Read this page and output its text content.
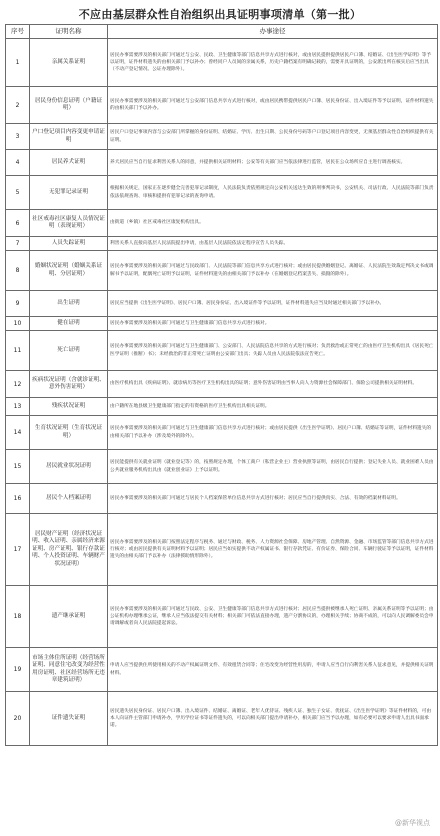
不应由基层群众性自治组织出具证明事项清单（第一批）
序号	证明名称	办事途径
1	亲属关系证明	居民办事需要涉及的相关部门可通过与公安、民政、卫生健康等部门信息共享方式进行核对，或由居民提供提供居民户口簿、结婚证、《出生医学证明》等予以证明，证件材料遗失的由相关部门予以补办；曾经同户人员间的亲属关系，历史户籍档案有明确记载的，需要开具证明的，公安派出所在核实后应当出具（不动产登记情况、公证办理除外）。
2	居民身份信息证明（户籍证明）	居民办事需要涉及的相关部门可通过与公安部门信息共享方式进行核对，或由居民携带提供居民户口簿、居民身份证、出入境证件等予以证明，证件材料遗失的由相关部门予以补办。
3	户口登记项目内容变更申请证明	居民户口登记事项内容与公安部门所掌握的身份证明、结婚证、学历、出生日期、公民身份号码等户口登记项目内容变更，无须基层群众性自治组织提供有关证明。
4	居民养犬证明	养犬居民应当自行征求利害关系人的同意，并提供相关证明材料；公安等有关部门应当依法律进行监管，居民在公众场所应自主进行调查核实。
5	无犯罪记录证明	根据相关规定，国家正在逐步健全完善犯罪记录制度，人民法院负责依照规定向公安机关送达生效的刑事判决书，公安机关、司法行政、人民法院等部门负责依法依规查询、审核和提供有犯罪记录的查询申请。
6	社区戒毒社区康复人员情况证明（表现证明）	由街道（乡镇）社区戒毒社区康复机构出具。
7	人员失踪证明	利害关系人直接向基层人民法院提出申请，由基层人民法院依法定程序宣告人员失踪。
8	婚姻状况证明（婚姻关系证明、分居证明）	居民办事需要涉及的相关部门可通过与民政部门、人民法院等部门信息共享方式进行核对；或由居民提供婚姻登记、离婚证、人民法院生效裁定判决文书或调解书予以证明，配偶死亡证明予以证明，证件材料遗失的由相关部门予以补办（在婚姻登记档案丢失、损毁的除外）。
9	出生证明	居民应当提供《出生医学证明》、居民户口簿、居民身份证、出入境证件等予以证明，证件材料遗失应当及时通过相关部门予以补办。
10	健在证明	居民办事需要涉及的相关部门可通过与卫生健康部门信息共享方式进行核对。
11	死亡证明	居民办事需要涉及的相关部门可通过与卫生健康部门、公安部门、人民法院信息共享的方式进行核对；负责救治或正常死亡的由医疗卫生机构出具《居民死亡医学证明（推断）书》；未经救治的非正常死亡证明由公安部门出具；失踪人员由人民法院依法宣告死亡。
12	疾病状况证明（含就诊证明、意外伤害证明）	由医疗机构出具《疾病证明》、就诊病历等医疗卫生机构出具的证明；意外伤害证明由当事人向人力资源社会保障部门、保险公司提供相关证明材料。
13	残疾状况证明	由户籍所在地县级卫生健康部门指定的有资格的医疗卫生机构出具相关证明。
14	生育状况证明（生育状况证明）	居民办事需要涉及的相关部门可通过与卫生健康部门信息共享方式进行核对；或由居民提供《出生医学证明》、居民户口簿、结婚证等证明，证件材料遗失的由相关部门予以补办（涉及境外的除外）。
15	居民就业状况证明	居民能提供有关就业证明（就业登记等）的，按照规定办理，个体工商户（私营企业主）营业执照等证明，由居民自行提供；登记失业人员、就业困难人员由公共就业服务机构出具由《就业创业证》上予以证明。
16	居民个人档案证明	居民办事需要涉及的相关部门可通过与居民个人档案保管单位信息共享方式进行核对；居民应当自行提供真实、合法、有效的档案材料证明。
17	居民财产证明（经济状况证明、收入证明、亲属经济来源证明、房产证明、银行存款证明、个人投资证明、车辆财产状况证明）	居民办事需要涉及的相关部门按照法定程序与税务、通过与财政、税务、人力资源社会保障、房地产管理、自然资源、金融、市场监管等部门信息共享方式进行核对；或由居民提供有关证明材料予以证明；居民应当如实提供不动产权属证书、银行存款凭证、有价证券、保险合同、车辆行驶证等予以证明，证件材料遗失的由相关部门予以补办（法律援助情形除外）。
18	遗产继承证明	居民办事需要涉及的相关部门可通过与民政、公安、卫生健康等部门信息共享方式进行核对；居民应当提供被继承人死亡证明、亲属关系证明等予以证明；由公证机构办理继承公证，继承人应当依法提交有关材料；相关部门可依法直接办理，遗产分割协议的，办理相关手续；协商不成的，可以向人民调解委员会申请调解或者向人民法院提起诉讼。
19	市场主体住所证明（经营场所证明、同意住宅改变为经营性用房证明、社区经营场所无违章建筑证明）	申请人应当提供住所使用相关的不动产权属证明文件、有效租赁合同等；住宅改变为经营性用房的，申请人应当自行向利害关系人征求意见，并提供相关证明材料。
20	证件遗失证明	居民遗失居民身份证、居民户口簿、出入境证件、结婚证、离婚证、老年人优待证、残疾人证、独生子女证、优抚证、《出生医学证明》等证件材料的，可由本人向证件主管部门申请补办，学历学位证书等证件遗失的，可以向相关部门提出申请补办，相关部门应当予以办理，如有必要可以要求申请人出具书面承诺。
@新华视点
